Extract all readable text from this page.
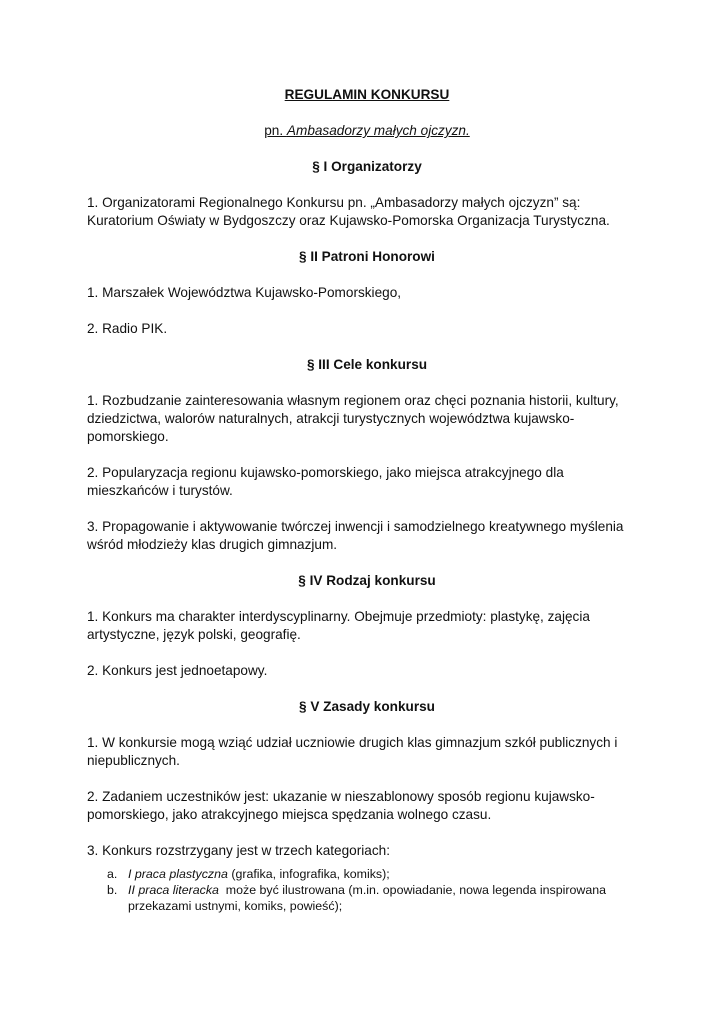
REGULAMIN KONKURSU

pn. Ambasadorzy małych ojczyzn.

§ I Organizatorzy

1. Organizatorami Regionalnego Konkursu pn. „Ambasadorzy małych ojczyzn” są: Kuratorium Oświaty w Bydgoszczy oraz Kujawsko-Pomorska Organizacja Turystyczna.

§ II Patroni Honorowi

1. Marszałek Województwa Kujawsko-Pomorskiego,

2. Radio PIK.

§ III Cele konkursu

1. Rozbudzanie zainteresowania własnym regionem oraz chęci poznania historii, kultury, dziedzictwa, walorów naturalnych, atrakcji turystycznych województwa kujawsko-pomorskiego.

2. Popularyzacja regionu kujawsko-pomorskiego, jako miejsca atrakcyjnego dla mieszkańców i turystów.

3. Propagowanie i aktywowanie twórczej inwencji i samodzielnego kreatywnego myślenia wśród młodzieży klas drugich gimnazjum.

§ IV Rodzaj konkursu

1. Konkurs ma charakter interdyscyplinarny. Obejmuje przedmioty: plastykę, zajęcia artystyczne, język polski, geografię.

2. Konkurs jest jednoetapowy.

§ V Zasady konkursu

1. W konkursie mogą wziąć udział uczniowie drugich klas gimnazjum szkół publicznych i niepublicznych.

2. Zadaniem uczestników jest: ukazanie w nieszablonowy sposób regionu kujawsko-pomorskiego, jako atrakcyjnego miejsca spędzania wolnego czasu.

3. Konkurs rozstrzygany jest w trzech kategoriach:

a. I praca plastyczna (grafika, infografika, komiks);
b. II praca literacka  może być ilustrowana (m.in. opowiadanie, nowa legenda inspirowana przekazami ustnymi, komiks, powieść);
